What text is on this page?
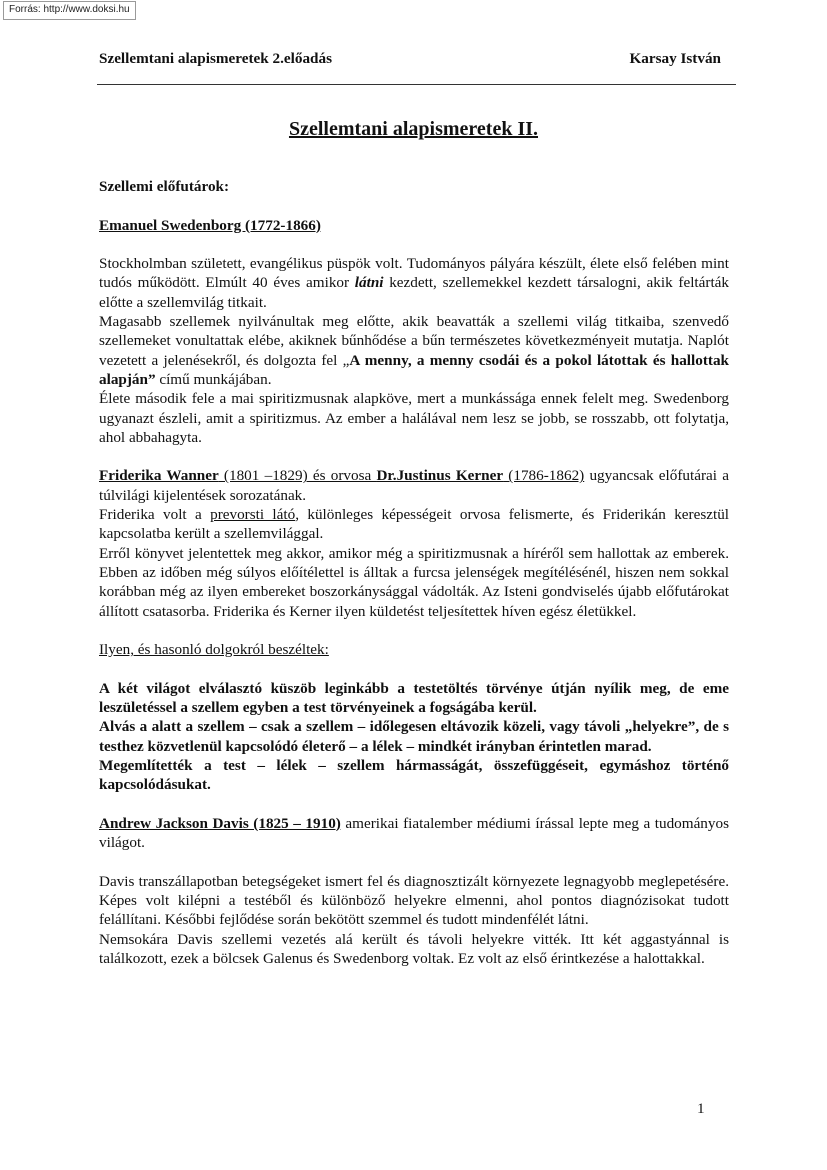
Forrás: http://www.doksi.hu
Szellemtani alapismeretek 2.előadás	Karsay István
Szellemtani alapismeretek II.

Szellemi előfutárok:

Emanuel Swedenborg (1772-1866)

Stockholmban született, evangélikus püspök volt. Tudományos pályára készült, élete első felében mint tudós működött. Elmúlt 40 éves amikor látni kezdett, szellemekkel kezdett társalogni, akik feltárták előtte a szellemvilág titkait.

Magasabb szellemek nyilvánultak meg előtte, akik beavatták a szellemi világ titkaiba, szenvedő szellemeket vonultattak elébe, akiknek bűnhődése a bűn természetes következményeit mutatja. Naplót vezetett a jelenésekről, és dolgozta fel „A menny, a menny csodái és a pokol látottak és hallottak alapján” című munkájában.

Élete második fele a mai spiritizmusnak alapköve, mert a munkássága ennek felelt meg. Swedenborg ugyanazt észleli, amit a spiritizmus. Az ember a halálával nem lesz se jobb, se rosszabb, ott folytatja, ahol abbahagyta.

Friderika Wanner (1801 –1829) és orvosa Dr.Justinus Kerner (1786-1862) ugyancsak előfutárai a túlvilági kijelentések sorozatának.

Friderika volt a prevorsti látó, különleges képességeit orvosa felismerte, és Friderikán keresztül kapcsolatba került a szellemvilággal.

Erről könyvet jelentettek meg akkor, amikor még a spiritizmusnak a híréről sem hallottak az emberek. Ebben az időben még súlyos előítélettel is álltak a furcsa jelenségek megítélésénél, hiszen nem sokkal korábban még az ilyen embereket boszorkánysággal vádolták. Az Isteni gondviselés újabb előfutárokat állított csatasorba. Friderika és Kerner ilyen küldetést teljesítettek híven egész életükkel.

Ilyen, és hasonló dolgokról beszéltek:

A két világot elválasztó küszöb leginkább a testetöltés törvénye útján nyílik meg, de eme leszületéssel a szellem egyben a test törvényeinek a fogságába kerül.

Alvás a alatt a szellem – csak a szellem – időlegesen eltávozik közeli, vagy távoli „helyekre”, de s testhez közvetlenül kapcsolódó életerő – a lélek – mindkét irányban érintetlen marad.

Megemlítették a test – lélek – szellem hármasságát, összefüggéseit, egymáshoz történő kapcsolódásukat.

Andrew Jackson Davis (1825 – 1910) amerikai fiatalember médiumi írással lepte meg a tudományos világot.

Davis transzállapotban betegségeket ismert fel és diagnosztizált környezete legnagyobb meglepetésére. Képes volt kilépni a testéből és különböző helyekre elmenni, ahol pontos diagnózisokat tudott felállítani. Későbbi fejlődése során bekötött szemmel és tudott mindenfélét látni.

Nemsokára Davis szellemi vezetés alá került és távoli helyekre vitték. Itt két aggastyánnal is találkozott, ezek a bölcsek Galenus és Swedenborg voltak. Ez volt az első érintkezése a halottakkal.

1
